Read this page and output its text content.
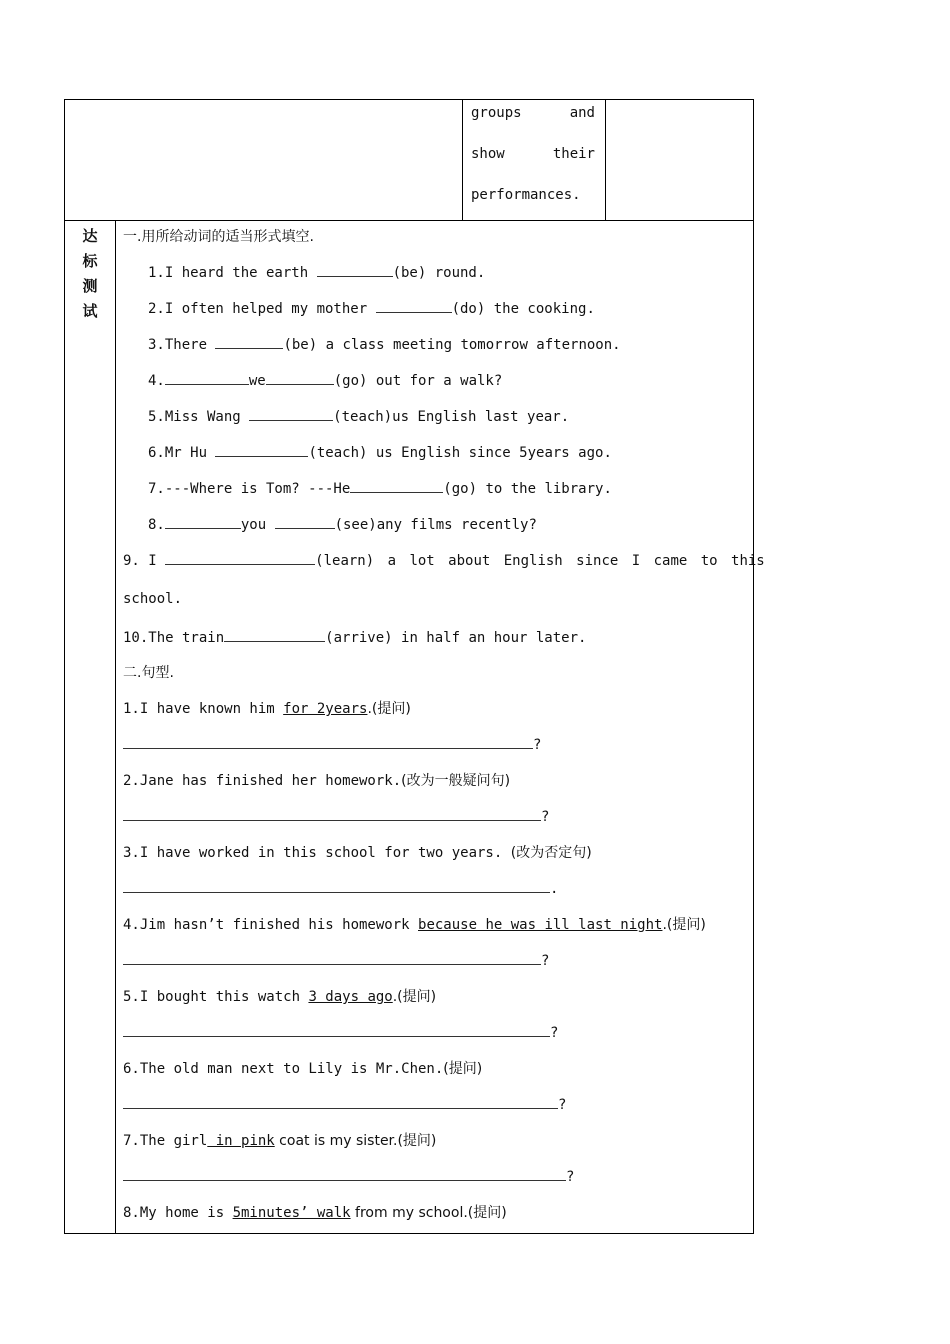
groups	and
show	their
performances.
达
标
测
试
一.用所给动词的适当形式填空.
1.I heard the earth	(be) round.
2.I often helped my mother	(do) the cooking.
3.There	(be) a class meeting tomorrow afternoon.
4.	we	(go) out for a walk?
5.Miss Wang	(teach)us English last year.
6.Mr Hu	(teach) us English since 5years ago.
7.---Where is Tom? ---He	(go) to the library.
8.	you	(see)any films recently?
9. I	(learn) a lot about English since I came to this
school.
10.The train	(arrive) in half an hour later.
二.句型.
1.I have known him for 2years.(提问)
?
2.Jane has finished her homework.(改为一般疑问句)
?
3.I have worked in this school for two years. (改为否定句)
.
4.Jim hasn’t finished his homework because he was ill last night.(提问)
?
5.I bought this watch 3 days ago.(提问)
?
6.The old man next to Lily is Mr.Chen.(提问)
?
7.The girl in pink coat is my sister.(提问)
?
8.My home is 5minutes’ walk from my school.(提问)
